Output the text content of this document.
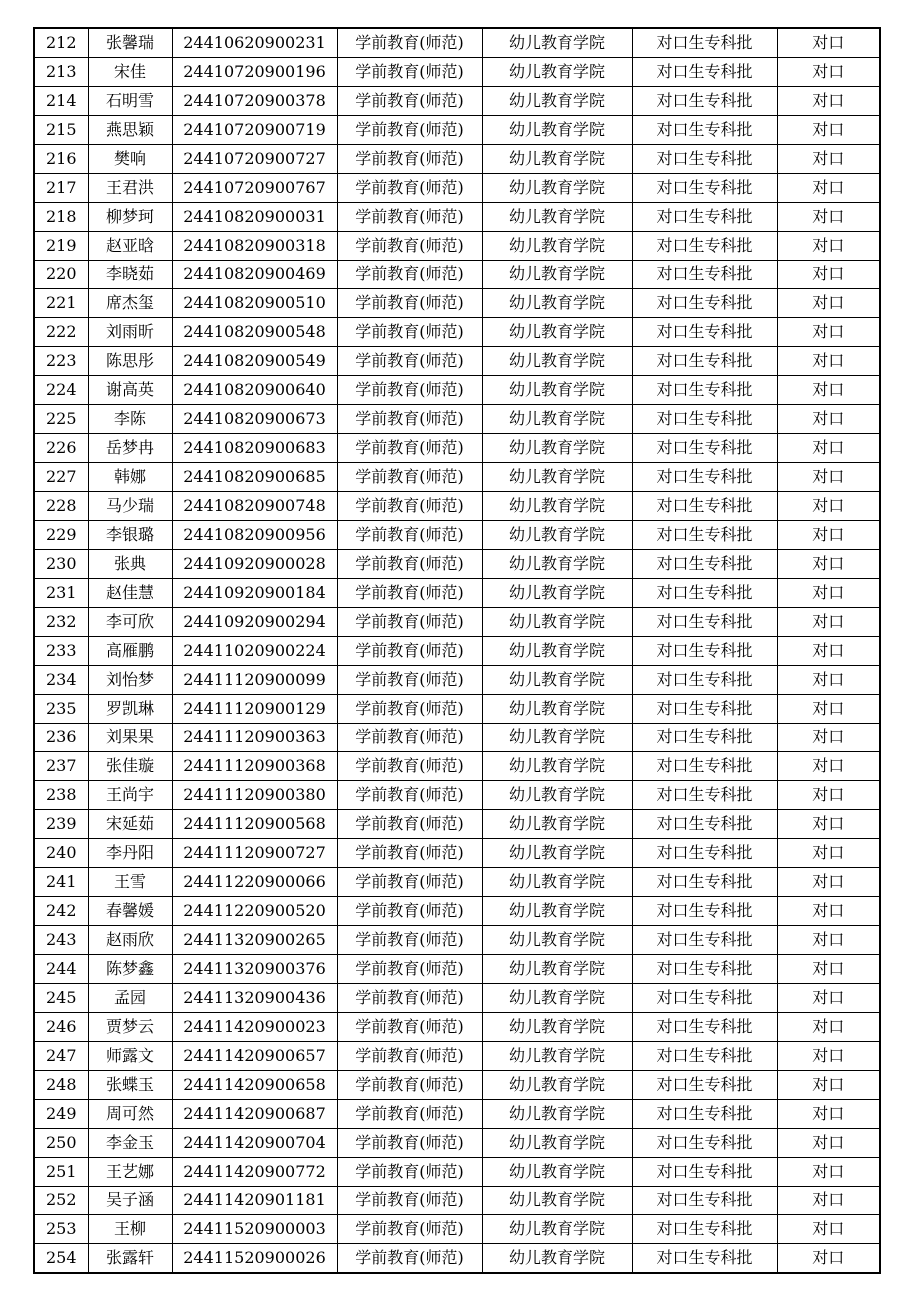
212	张馨瑞	24410620900231	学前教育(师范)	幼儿教育学院	对口生专科批	对口
213	宋佳	24410720900196	学前教育(师范)	幼儿教育学院	对口生专科批	对口
214	石明雪	24410720900378	学前教育(师范)	幼儿教育学院	对口生专科批	对口
215	燕思颖	24410720900719	学前教育(师范)	幼儿教育学院	对口生专科批	对口
216	樊响	24410720900727	学前教育(师范)	幼儿教育学院	对口生专科批	对口
217	王君洪	24410720900767	学前教育(师范)	幼儿教育学院	对口生专科批	对口
218	柳梦珂	24410820900031	学前教育(师范)	幼儿教育学院	对口生专科批	对口
219	赵亚晗	24410820900318	学前教育(师范)	幼儿教育学院	对口生专科批	对口
220	李晓茹	24410820900469	学前教育(师范)	幼儿教育学院	对口生专科批	对口
221	席杰玺	24410820900510	学前教育(师范)	幼儿教育学院	对口生专科批	对口
222	刘雨昕	24410820900548	学前教育(师范)	幼儿教育学院	对口生专科批	对口
223	陈思彤	24410820900549	学前教育(师范)	幼儿教育学院	对口生专科批	对口
224	谢高英	24410820900640	学前教育(师范)	幼儿教育学院	对口生专科批	对口
225	李陈	24410820900673	学前教育(师范)	幼儿教育学院	对口生专科批	对口
226	岳梦冉	24410820900683	学前教育(师范)	幼儿教育学院	对口生专科批	对口
227	韩娜	24410820900685	学前教育(师范)	幼儿教育学院	对口生专科批	对口
228	马少瑞	24410820900748	学前教育(师范)	幼儿教育学院	对口生专科批	对口
229	李银璐	24410820900956	学前教育(师范)	幼儿教育学院	对口生专科批	对口
230	张典	24410920900028	学前教育(师范)	幼儿教育学院	对口生专科批	对口
231	赵佳慧	24410920900184	学前教育(师范)	幼儿教育学院	对口生专科批	对口
232	李可欣	24410920900294	学前教育(师范)	幼儿教育学院	对口生专科批	对口
233	高雁鹏	24411020900224	学前教育(师范)	幼儿教育学院	对口生专科批	对口
234	刘怡梦	24411120900099	学前教育(师范)	幼儿教育学院	对口生专科批	对口
235	罗凯琳	24411120900129	学前教育(师范)	幼儿教育学院	对口生专科批	对口
236	刘果果	24411120900363	学前教育(师范)	幼儿教育学院	对口生专科批	对口
237	张佳璇	24411120900368	学前教育(师范)	幼儿教育学院	对口生专科批	对口
238	王尚宇	24411120900380	学前教育(师范)	幼儿教育学院	对口生专科批	对口
239	宋延茹	24411120900568	学前教育(师范)	幼儿教育学院	对口生专科批	对口
240	李丹阳	24411120900727	学前教育(师范)	幼儿教育学院	对口生专科批	对口
241	王雪	24411220900066	学前教育(师范)	幼儿教育学院	对口生专科批	对口
242	春馨媛	24411220900520	学前教育(师范)	幼儿教育学院	对口生专科批	对口
243	赵雨欣	24411320900265	学前教育(师范)	幼儿教育学院	对口生专科批	对口
244	陈梦鑫	24411320900376	学前教育(师范)	幼儿教育学院	对口生专科批	对口
245	孟园	24411320900436	学前教育(师范)	幼儿教育学院	对口生专科批	对口
246	贾梦云	24411420900023	学前教育(师范)	幼儿教育学院	对口生专科批	对口
247	师露文	24411420900657	学前教育(师范)	幼儿教育学院	对口生专科批	对口
248	张蝶玉	24411420900658	学前教育(师范)	幼儿教育学院	对口生专科批	对口
249	周可然	24411420900687	学前教育(师范)	幼儿教育学院	对口生专科批	对口
250	李金玉	24411420900704	学前教育(师范)	幼儿教育学院	对口生专科批	对口
251	王艺娜	24411420900772	学前教育(师范)	幼儿教育学院	对口生专科批	对口
252	吴子涵	24411420901181	学前教育(师范)	幼儿教育学院	对口生专科批	对口
253	王柳	24411520900003	学前教育(师范)	幼儿教育学院	对口生专科批	对口
254	张露轩	24411520900026	学前教育(师范)	幼儿教育学院	对口生专科批	对口
